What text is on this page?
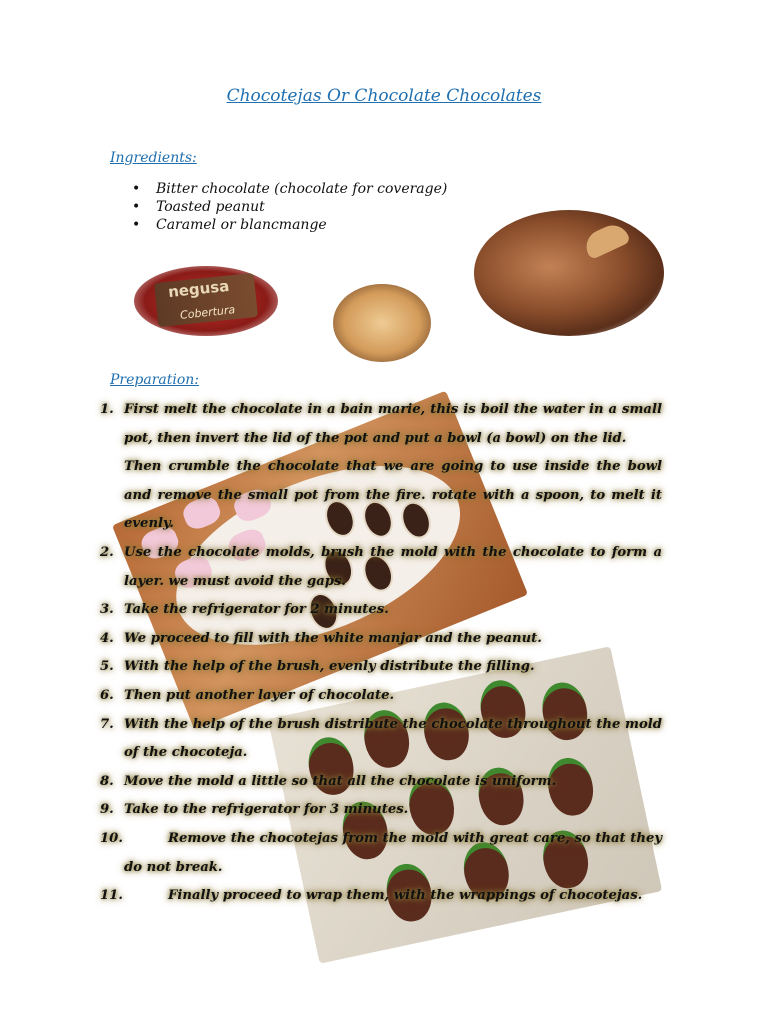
Chocotejas Or Chocolate Chocolates
Ingredients:
• Bitter chocolate (chocolate for coverage)
• Toasted peanut
• Caramel or blancmange
negusa
Cobertura
Preparation:
1. First melt the chocolate in a bain marie, this is boil the water in a small pot, then invert the lid of the pot and put a bowl (a bowl) on the lid.
Then crumble the chocolate that we are going to use inside the bowl and remove the small pot from the fire. rotate with a spoon, to melt it evenly.
2. Use the chocolate molds, brush the mold with the chocolate to form a layer. we must avoid the gaps.
3. Take the refrigerator for 2 minutes.
4. We proceed to fill with the white manjar and the peanut.
5. With the help of the brush, evenly distribute the filling.
6. Then put another layer of chocolate.
7. With the help of the brush distribute the chocolate throughout the mold of the chocoteja.
8. Move the mold a little so that all the chocolate is uniform.
9. Take to the refrigerator for 3 minutes.
10.	Remove the chocotejas from the mold with great care, so that they do not break.
11.	Finally proceed to wrap them, with the wrappings of chocotejas.
